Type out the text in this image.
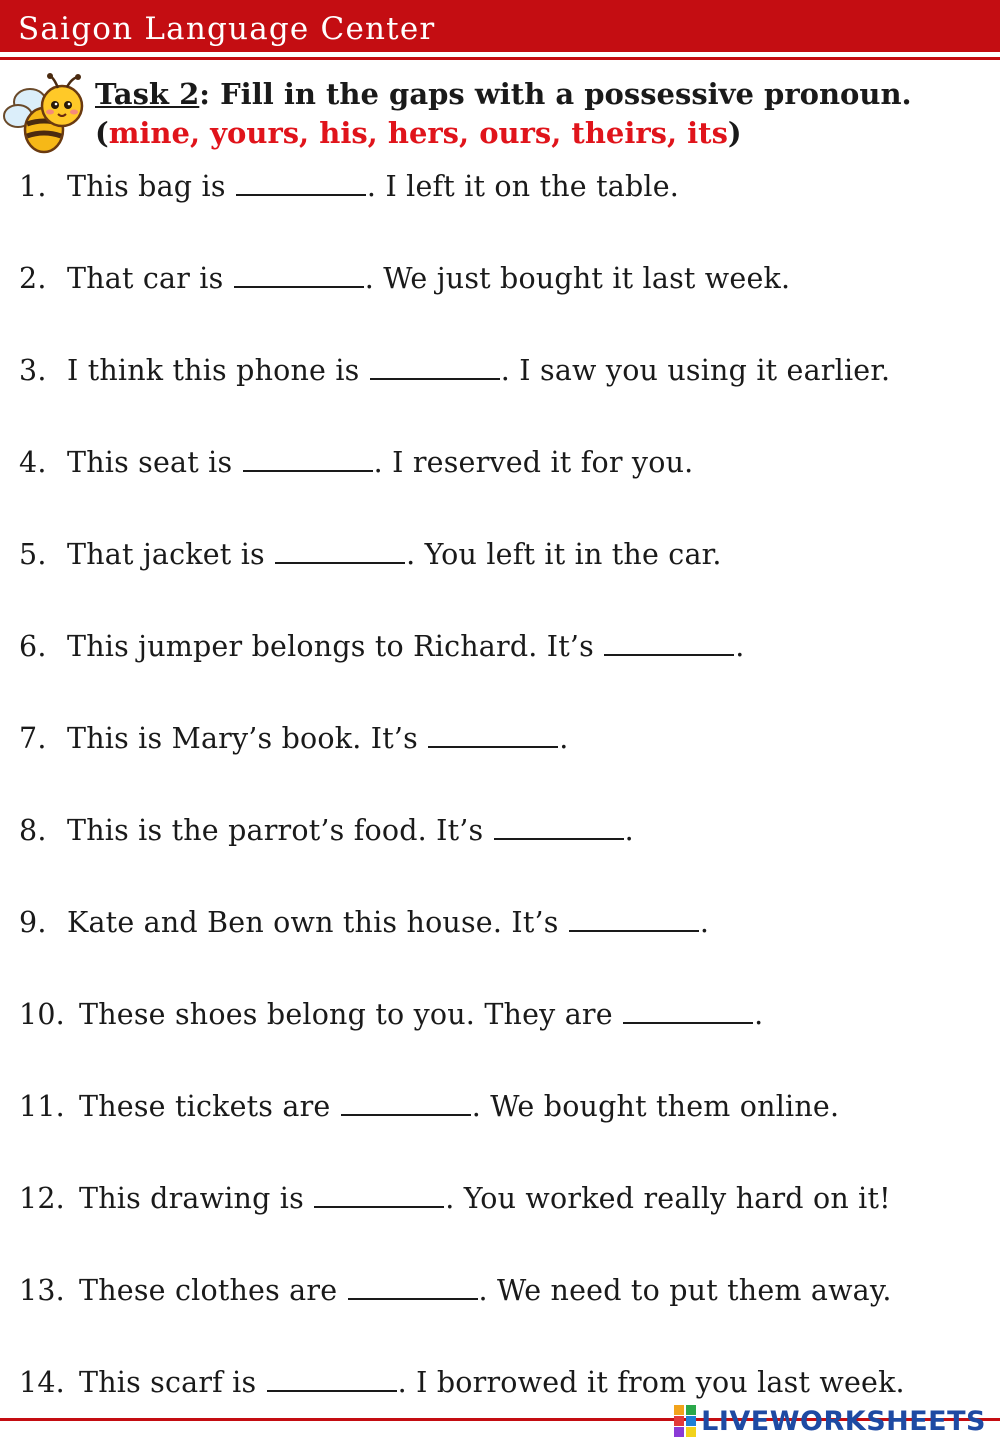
Saigon Language Center
Task 2: Fill in the gaps with a possessive pronoun.
(mine, yours, his, hers, ours, theirs, its)
1. This bag is	. I left it on the table.
2. That car is	. We just bought it last week.
3. I think this phone is	. I saw you using it earlier.
4. This seat is	. I reserved it for you.
5. That jacket is	. You left it in the car.
6. This jumper belongs to Richard. It’s	.
7. This is Mary’s book. It’s	.
8. This is the parrot’s food. It’s	.
9. Kate and Ben own this house. It’s	.
10. These shoes belong to you. They are	.
11. These tickets are	. We bought them online.
12. This drawing is	. You worked really hard on it!
13. These clothes are	. We need to put them away.
14. This scarf is	. I borrowed it from you last week.
LIVEWORKSHEETS
